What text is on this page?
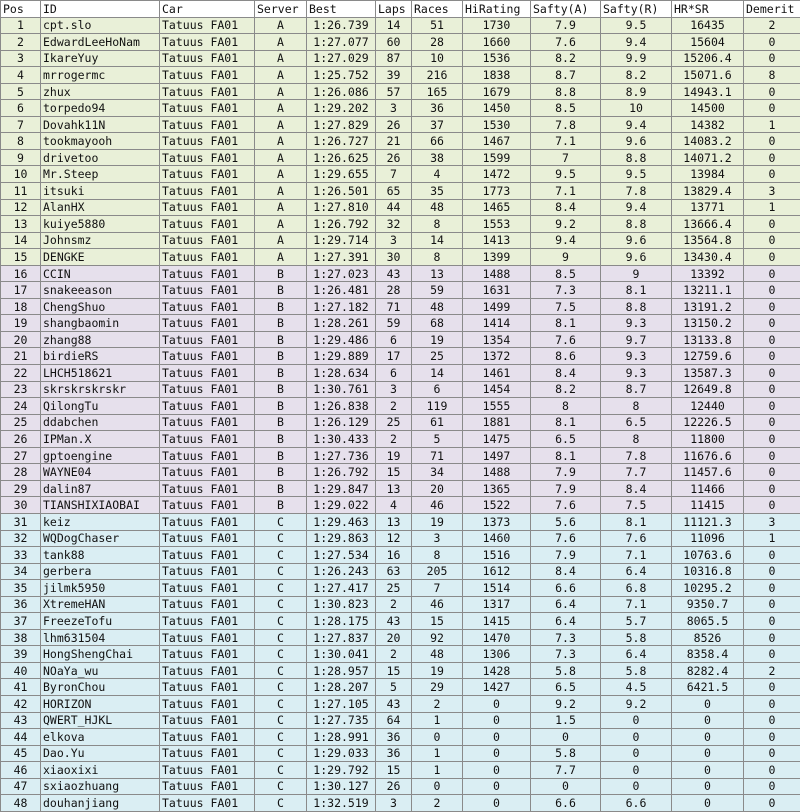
Pos	ID	Car	Server	Best	Laps	Races	HiRating	Safty(A)	Safty(R)	HR*SR	Demerit
1	cpt.slo	Tatuus FA01	A	1:26.739	14	51	1730	7.9	9.5	16435	2
2	EdwardLeeHoNam	Tatuus FA01	A	1:27.077	60	28	1660	7.6	9.4	15604	0
3	IkareYuy	Tatuus FA01	A	1:27.029	87	10	1536	8.2	9.9	15206.4	0
4	mrrogermc	Tatuus FA01	A	1:25.752	39	216	1838	8.7	8.2	15071.6	8
5	zhux	Tatuus FA01	A	1:26.086	57	165	1679	8.8	8.9	14943.1	0
6	torpedo94	Tatuus FA01	A	1:29.202	3	36	1450	8.5	10	14500	0
7	Dovahk11N	Tatuus FA01	A	1:27.829	26	37	1530	7.8	9.4	14382	1
8	tookmayooh	Tatuus FA01	A	1:26.727	21	66	1467	7.1	9.6	14083.2	0
9	drivetoo	Tatuus FA01	A	1:26.625	26	38	1599	7	8.8	14071.2	0
10	Mr.Steep	Tatuus FA01	A	1:29.655	7	4	1472	9.5	9.5	13984	0
11	itsuki	Tatuus FA01	A	1:26.501	65	35	1773	7.1	7.8	13829.4	3
12	AlanHX	Tatuus FA01	A	1:27.810	44	48	1465	8.4	9.4	13771	1
13	kuiye5880	Tatuus FA01	A	1:26.792	32	8	1553	9.2	8.8	13666.4	0
14	Johnsmz	Tatuus FA01	A	1:29.714	3	14	1413	9.4	9.6	13564.8	0
15	DENGKE	Tatuus FA01	A	1:27.391	30	8	1399	9	9.6	13430.4	0
16	CCIN	Tatuus FA01	B	1:27.023	43	13	1488	8.5	9	13392	0
17	snakeeason	Tatuus FA01	B	1:26.481	28	59	1631	7.3	8.1	13211.1	0
18	ChengShuo	Tatuus FA01	B	1:27.182	71	48	1499	7.5	8.8	13191.2	0
19	shangbaomin	Tatuus FA01	B	1:28.261	59	68	1414	8.1	9.3	13150.2	0
20	zhang88	Tatuus FA01	B	1:29.486	6	19	1354	7.6	9.7	13133.8	0
21	birdieRS	Tatuus FA01	B	1:29.889	17	25	1372	8.6	9.3	12759.6	0
22	LHCH518621	Tatuus FA01	B	1:28.634	6	14	1461	8.4	9.3	13587.3	0
23	skrskrskrskr	Tatuus FA01	B	1:30.761	3	6	1454	8.2	8.7	12649.8	0
24	QilongTu	Tatuus FA01	B	1:26.838	2	119	1555	8	8	12440	0
25	ddabchen	Tatuus FA01	B	1:26.129	25	61	1881	8.1	6.5	12226.5	0
26	IPMan.X	Tatuus FA01	B	1:30.433	2	5	1475	6.5	8	11800	0
27	gptoengine	Tatuus FA01	B	1:27.736	19	71	1497	8.1	7.8	11676.6	0
28	WAYNE04	Tatuus FA01	B	1:26.792	15	34	1488	7.9	7.7	11457.6	0
29	dalin87	Tatuus FA01	B	1:29.847	13	20	1365	7.9	8.4	11466	0
30	TIANSHIXIAOBAI	Tatuus FA01	B	1:29.022	4	46	1522	7.6	7.5	11415	0
31	keiz	Tatuus FA01	C	1:29.463	13	19	1373	5.6	8.1	11121.3	3
32	WQDogChaser	Tatuus FA01	C	1:29.863	12	3	1460	7.6	7.6	11096	1
33	tank88	Tatuus FA01	C	1:27.534	16	8	1516	7.9	7.1	10763.6	0
34	gerbera	Tatuus FA01	C	1:26.243	63	205	1612	8.4	6.4	10316.8	0
35	jilmk5950	Tatuus FA01	C	1:27.417	25	7	1514	6.6	6.8	10295.2	0
36	XtremeHAN	Tatuus FA01	C	1:30.823	2	46	1317	6.4	7.1	9350.7	0
37	FreezeTofu	Tatuus FA01	C	1:28.175	43	15	1415	6.4	5.7	8065.5	0
38	lhm631504	Tatuus FA01	C	1:27.837	20	92	1470	7.3	5.8	8526	0
39	HongShengChai	Tatuus FA01	C	1:30.041	2	48	1306	7.3	6.4	8358.4	0
40	NOaYa_wu	Tatuus FA01	C	1:28.957	15	19	1428	5.8	5.8	8282.4	2
41	ByronChou	Tatuus FA01	C	1:28.207	5	29	1427	6.5	4.5	6421.5	0
42	HORIZON	Tatuus FA01	C	1:27.105	43	2	0	9.2	9.2	0	0
43	QWERT_HJKL	Tatuus FA01	C	1:27.735	64	1	0	1.5	0	0	0
44	elkova	Tatuus FA01	C	1:28.991	36	0	0	0	0	0	0
45	Dao.Yu	Tatuus FA01	C	1:29.033	36	1	0	5.8	0	0	0
46	xiaoxixi	Tatuus FA01	C	1:29.792	15	1	0	7.7	0	0	0
47	sxiaozhuang	Tatuus FA01	C	1:30.127	26	0	0	0	0	0	0
48	douhanjiang	Tatuus FA01	C	1:32.519	3	2	0	6.6	6.6	0	0
